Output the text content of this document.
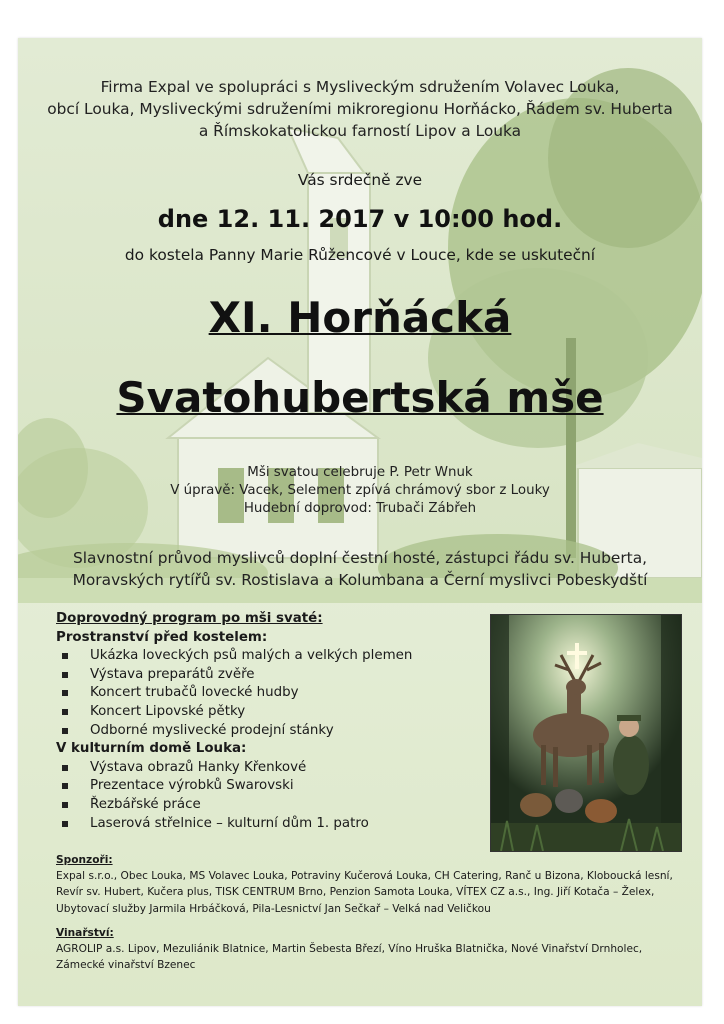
Firma Expal ve spolupráci s Mysliveckým sdružením Volavec Louka,
obcí Louka, Mysliveckými sdruženími mikroregionu Horňácko, Řádem sv. Huberta
a Římskokatolickou farností Lipov a Louka
Vás srdečně zve
dne 12. 11. 2017 v 10:00 hod.
do kostela Panny Marie Růžencové v Louce, kde se uskuteční
XI. Horňácká
Svatohubertská mše
Mši svatou celebruje P. Petr Wnuk
V úpravě: Vacek, Selement zpívá chrámový sbor z Louky
Hudební doprovod: Trubači Zábřeh
Slavnostní průvod myslivců doplní čestní hosté, zástupci řádu sv. Huberta,
Moravských rytířů sv. Rostislava a Kolumbana a Černí myslivci Pobeskydští
Doprovodný program po mši svaté:
Prostranství před kostelem:
Ukázka loveckých psů malých a velkých plemen
Výstava preparátů zvěře
Koncert trubačů lovecké hudby
Koncert Lipovské pětky
Odborné myslivecké prodejní stánky
V kulturním domě Louka:
Výstava obrazů Hanky Křenkové
Prezentace výrobků Swarovski
Řezbářské práce
Laserová střelnice – kulturní dům 1. patro
Sponzoři:
Expal s.r.o., Obec Louka, MS Volavec Louka, Potraviny Kučerová Louka, CH Catering, Ranč u Bizona, Kloboucká lesní,
Revír sv. Hubert, Kučera plus, TISK CENTRUM Brno, Penzion Samota Louka, VÍTEX CZ a.s., Ing. Jiří Kotača – Želex,
Ubytovací služby Jarmila Hrbáčková, Pila-Lesnictví Jan Sečkař – Velká nad Veličkou
Vinařství:
AGROLIP a.s. Lipov, Mezuliánik Blatnice, Martin Šebesta Březí, Víno Hruška Blatnička, Nové Vinařství Drnholec,
Zámecké vinařství Bzenec
